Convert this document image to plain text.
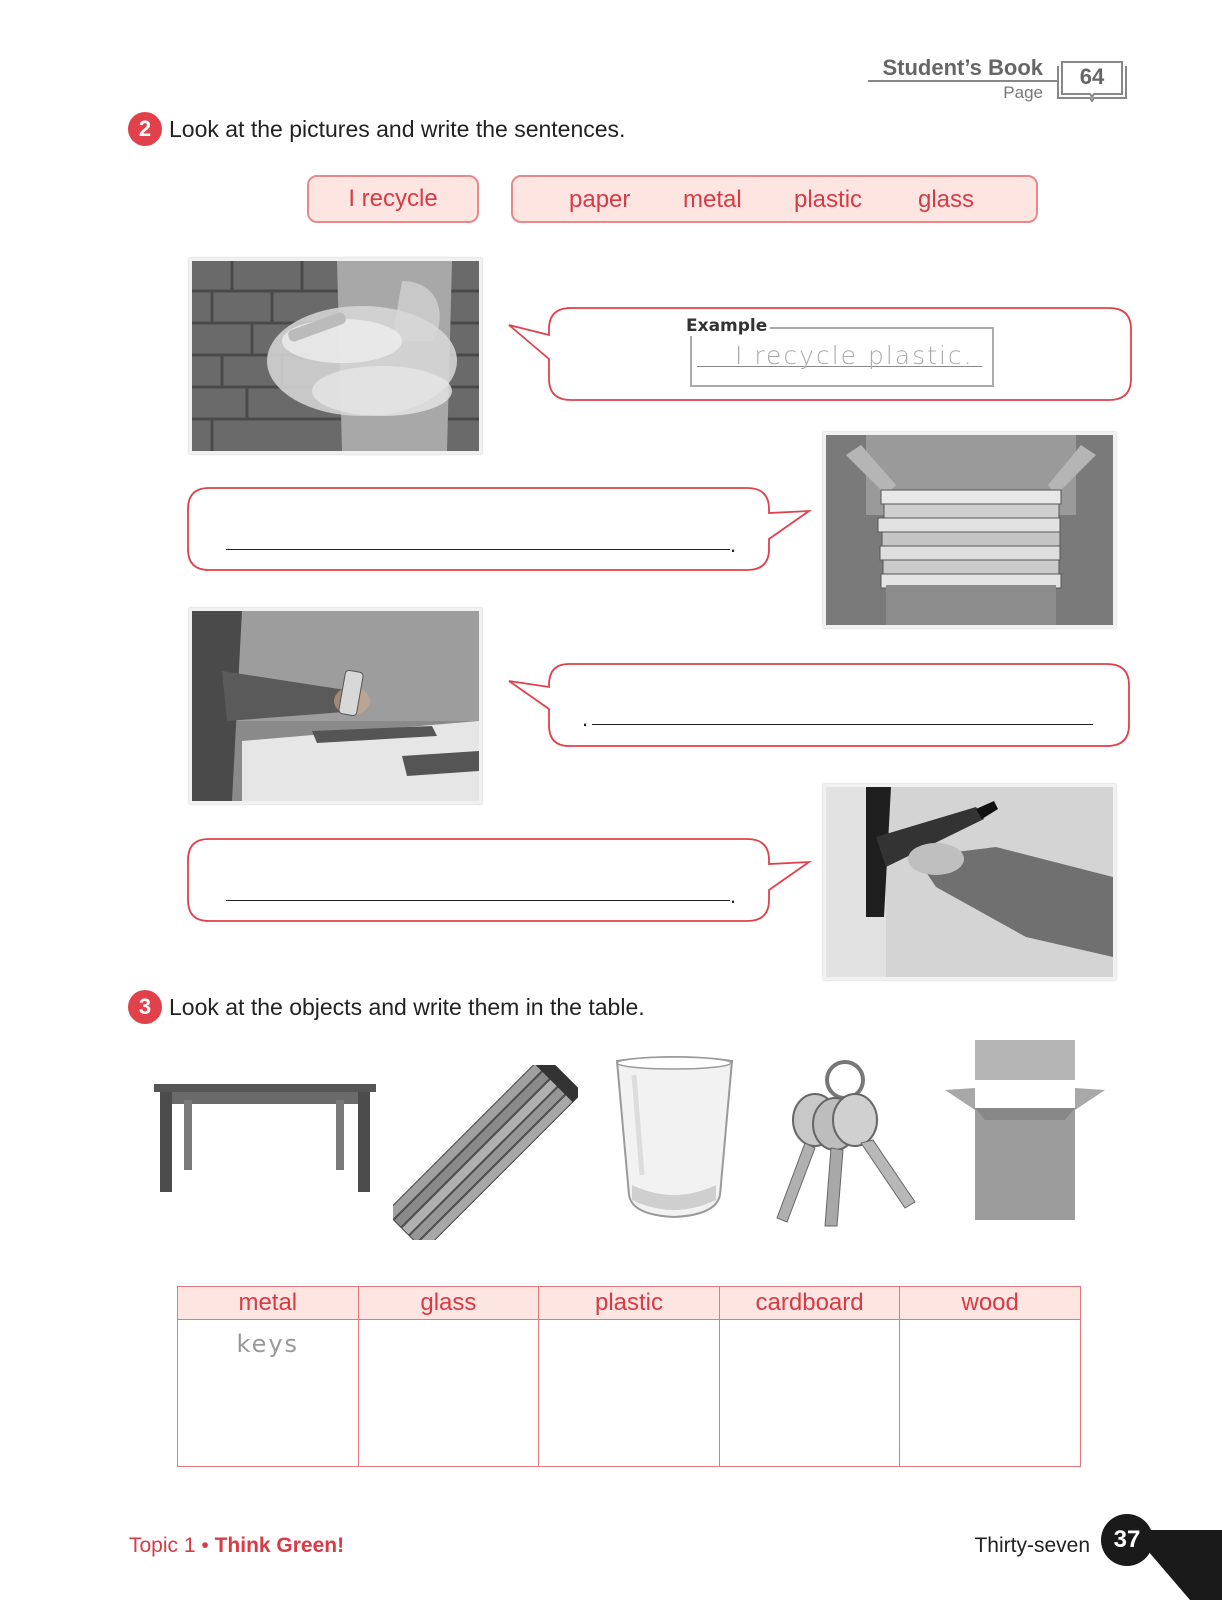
Student’s Book
Page
64
2 Look at the pictures and write the sentences.
I recycle	paper metal plastic glass
Example
I recycle plastic.
.
.
.
3 Look at the objects and write them in the table.
metal	glass	plastic	cardboard	wood
keys				
Topic 1 • Think Green!	Thirty-seven 37
